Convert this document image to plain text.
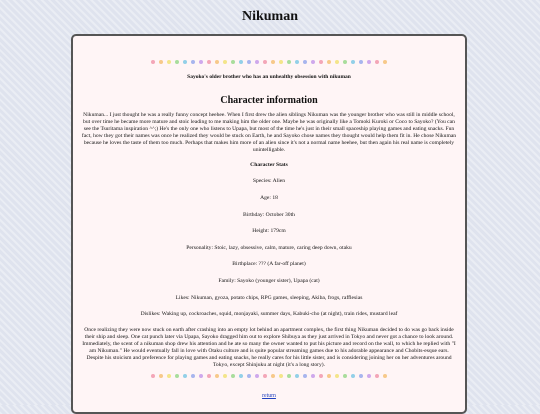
Nikuman

Sayoko's older brother who has an unhealthy obsession with nikuman

Character information

Nikuman... I just thought he was a really funny concept heehee. When I first drew the alien siblings Nikuman was the younger brother who was still in middle school, but over time he became more mature and stoic leading to me making him the older one. Maybe he was originally like a Tomoki Kuroki or Coco to Sayoko? (You can see the Tsuritama inspiration ^^;) He's the only one who listens to Upapa, but most of the time he's just in their small spaceship playing games and eating snacks. Fun fact, how they got their names was once he realized they would be stuck on Earth, he and Sayoko chose names they thought would help them fit in. He chose Nikuman because he loves the taste of them too much. Perhaps that makes him more of an alien since it's not a normal name heehee, but then again his real name is completely unintelligable.

Character Stats

Species: Alien

Age: 18

Birthday: October 30th

Height: 179cm

Personality: Stoic, lazy, obsessive, calm, mature, caring deep down, otaku

Birthplace: ??? (A far-off planet)

Family: Sayoko (younger sister), Upapa (cat)

Likes: Nikuman, gyoza, potato chips, RPG games, sleeping, Akiba, frogs, rafflesias

Dislikes: Waking up, cockroaches, squid, monjayaki, summer days, Kabuki-cho (at night), train rides, mustard leaf

Once realizing they were now stuck on earth after crashing into an empty lot behind an apartment complex, the first thing Nikuman decided to do was go back inside their ship and sleep. One cat punch later via Upapa, Sayoko dragged him out to explore Shibuya as they just arrived in Tokyo and never got a chance to look around. Immediately, the scent of a nikuman shop drew his attention and he ate so many the owner wanted to put his picture and record on the wall, to which he replied with "I am Nikuman." He would eventually fall in love with Otaku culture and is quite popular streaming games due to his adorable appearance and Chobits-esque ears. Despite his stoicism and preference for playing games and eating snacks, he really cares for his little sister, and is considering joining her on her adventures around Tokyo, except Shinjuku at night (it's a long story).

return
